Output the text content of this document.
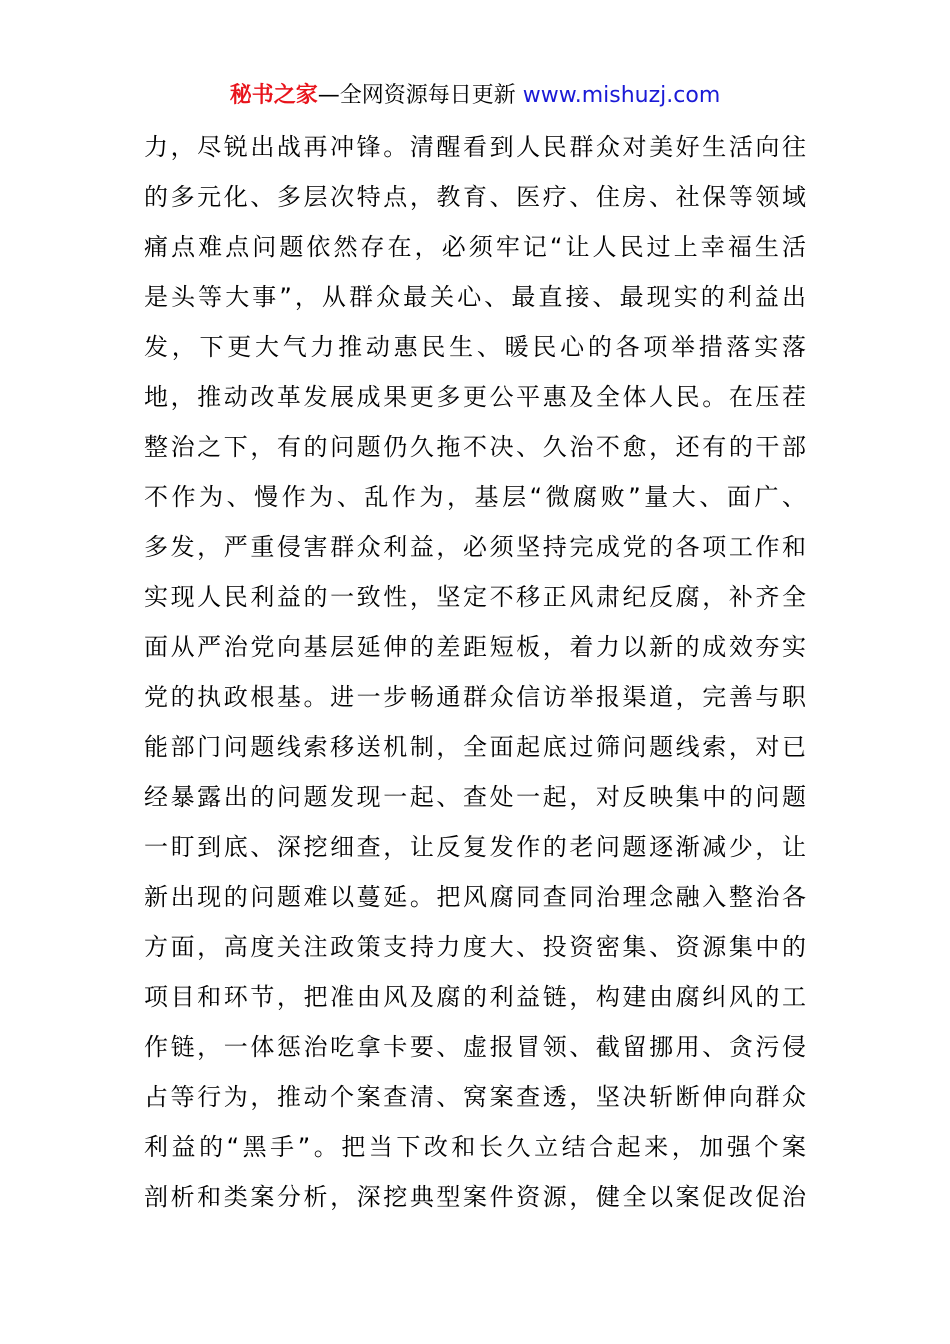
秘书之家—全网资源每日更新 www.mishuzj.com
力，尽锐出战再冲锋。清醒看到人民群众对美好生活向往
的多元化、多层次特点，教育、医疗、住房、社保等领域
痛点难点问题依然存在，必须牢记“让人民过上幸福生活
是头等大事”，从群众最关心、最直接、最现实的利益出
发，下更大气力推动惠民生、暖民心的各项举措落实落
地，推动改革发展成果更多更公平惠及全体人民。在压茬
整治之下，有的问题仍久拖不决、久治不愈，还有的干部
不作为、慢作为、乱作为，基层“微腐败”量大、面广、
多发，严重侵害群众利益，必须坚持完成党的各项工作和
实现人民利益的一致性，坚定不移正风肃纪反腐，补齐全
面从严治党向基层延伸的差距短板，着力以新的成效夯实
党的执政根基。进一步畅通群众信访举报渠道，完善与职
能部门问题线索移送机制，全面起底过筛问题线索，对已
经暴露出的问题发现一起、查处一起，对反映集中的问题
一盯到底、深挖细查，让反复发作的老问题逐渐减少，让
新出现的问题难以蔓延。把风腐同查同治理念融入整治各
方面，高度关注政策支持力度大、投资密集、资源集中的
项目和环节，把准由风及腐的利益链，构建由腐纠风的工
作链，一体惩治吃拿卡要、虚报冒领、截留挪用、贪污侵
占等行为，推动个案查清、窝案查透，坚决斩断伸向群众
利益的“黑手”。把当下改和长久立结合起来，加强个案
剖析和类案分析，深挖典型案件资源，健全以案促改促治
